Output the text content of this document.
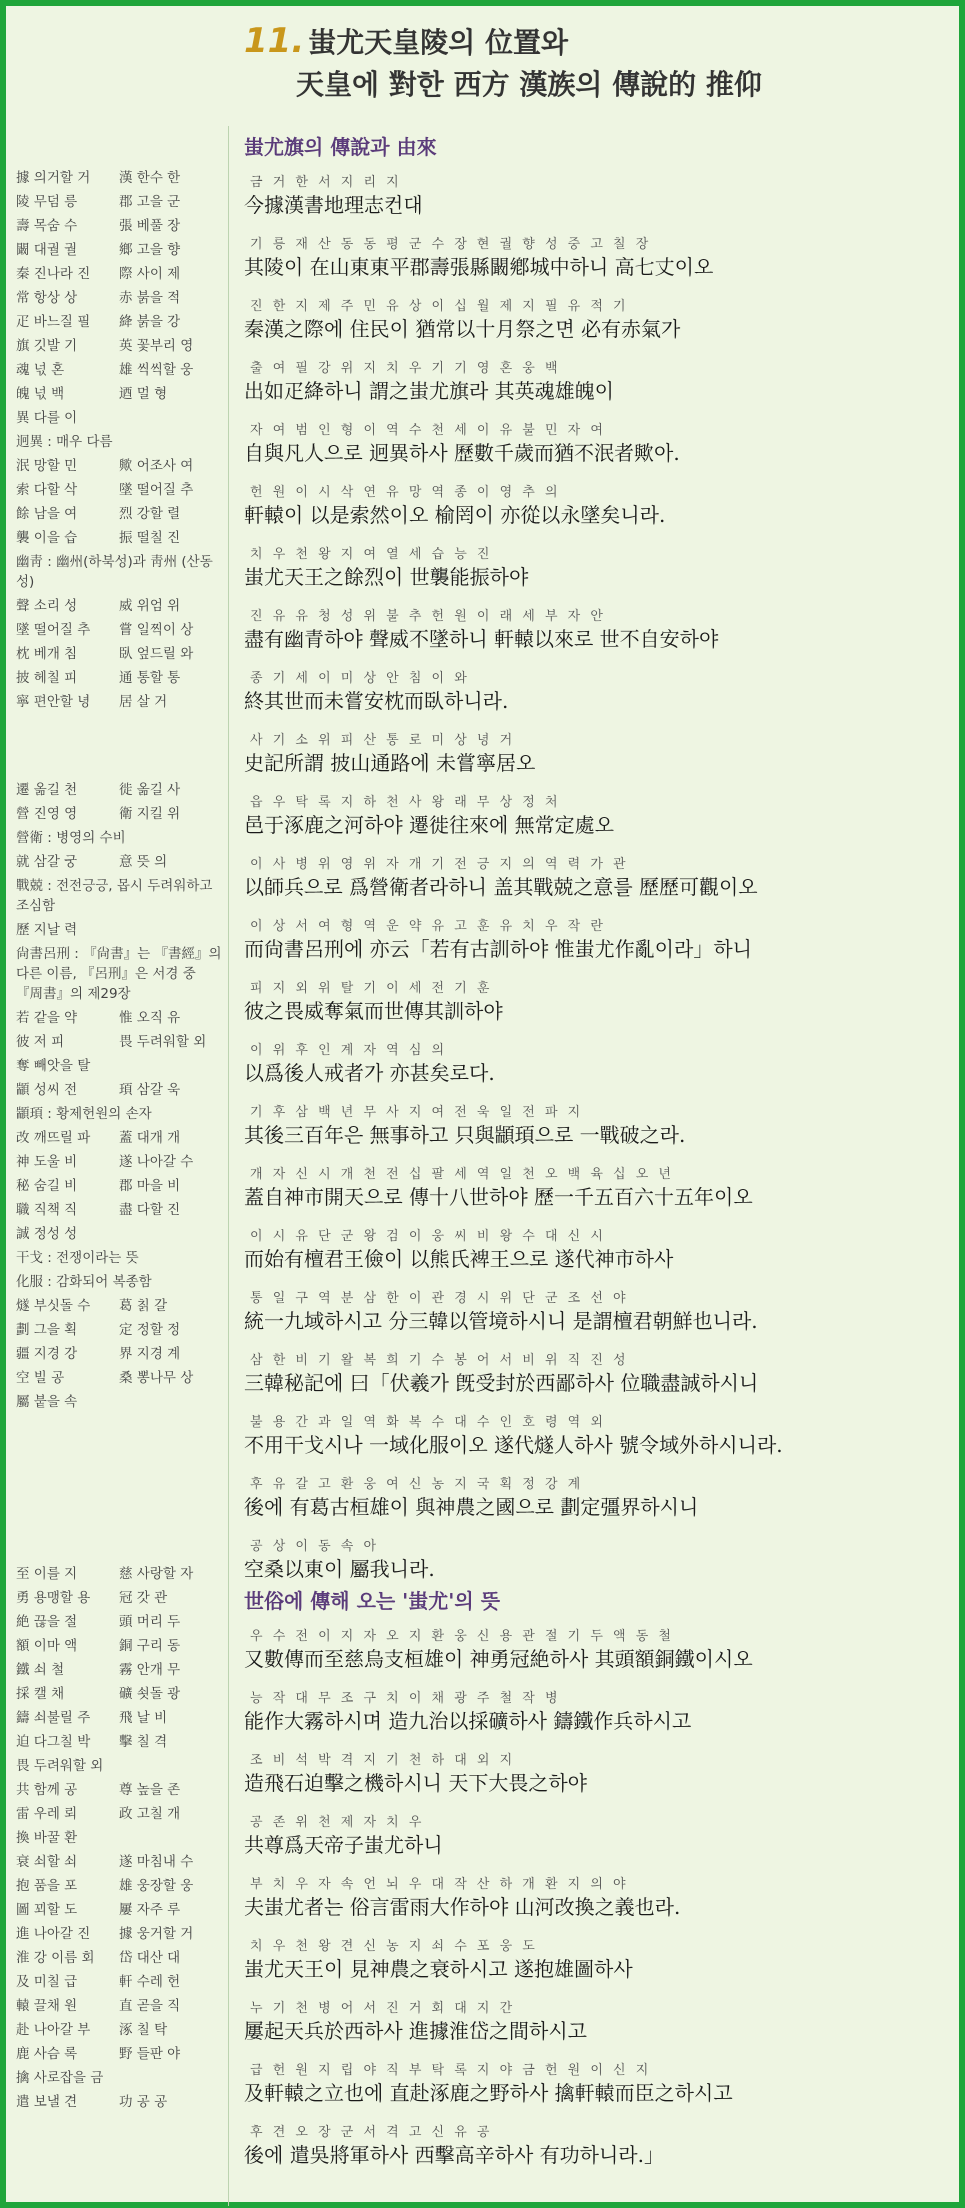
11. 蚩尤天皇陵의 位置와
天皇에 對한 西方 漢族의 傳說的 推仰
據 의거할 거	漢 한수 한
陵 무덤 릉	郡 고을 군
壽 목숨 수	張 베풀 장
闞 대궐 궐	鄉 고을 향
秦 진나라 진	際 사이 제
常 항상 상	赤 붉을 적
疋 바느질 필	絳 붉을 강
旗 깃발 기	英 꽃부리 영
魂 넋 혼	雄 씩씩할 웅
魄 넋 백	迺 멀 형
異 다를 이
迥異 : 매우 다름
泯 망할 민	歟 어조사 여
索 다할 삭	墜 떨어질 추
餘 남을 여	烈 강할 렬
襲 이을 습	振 떨칠 진
幽靑 : 幽州(하북성)과 靑州 (산동성)
聲 소리 성	威 위엄 위
墜 떨어질 추	嘗 일찍이 상
枕 베개 침	臥 엎드릴 와
披 헤칠 피	通 통할 통
寧 편안할 녕	居 살 거
遷 옮길 천	徙 옮길 사
營 진영 영	衛 지킬 위
營衛 : 병영의 수비
就 삼갈 궁	意 뜻 의
戰兢 : 전전긍긍, 몹시 두려워하고 조심함
歷 지날 력
尙書呂刑 : 『尙書』는 『書經』의 다른 이름, 『呂刑』은 서경 중 『周書』의 제29장
若 같을 약	惟 오직 유
彼 저 피	畏 두려워할 외
奪 빼앗을 탈
顓 성씨 전	頊 삼갈 욱
顓頊 : 황제헌원의 손자
改 깨뜨릴 파	蓋 대개 개
神 도울 비	遂 나아갈 수
秘 숨길 비	郡 마을 비
職 직책 직	盡 다할 진
誠 정성 성
干戈 : 전쟁이라는 뜻
化服 : 감화되어 복종함
燧 부싯돌 수	葛 칡 갈
劃 그을 획	定 정할 정
疆 지경 강	界 지경 계
空 빌 공	桑 뽕나무 상
屬 붙을 속
至 이를 지	慈 사랑할 자
勇 용맹할 용	冠 갓 관
絶 끊을 절	頭 머리 두
額 이마 액	銅 구리 동
鐵 쇠 철	霧 안개 무
採 캘 채	礦 쇳돌 광
鑄 쇠불릴 주	飛 날 비
迫 다그칠 박	擊 칠 격
畏 두려워할 외
共 함께 공	尊 높을 존
雷 우레 뢰	政 고칠 개
換 바꿀 환
衰 쇠할 쇠	遂 마침내 수
抱 품을 포	雄 웅장할 웅
圖 꾀할 도	屢 자주 루
進 나아갈 진	據 웅거할 거
淮 강 이름 회	岱 대산 대
及 미칠 급	軒 수레 헌
轅 끌채 원	直 곧을 직
赴 나아갈 부	涿 칠 탁
鹿 사슴 록	野 들판 야
擒 사로잡을 금
遣 보낼 견	功 공 공
蚩尤旗의 傳說과 由來
금 거 한 서 지 리 지
今據漢書地理志컨대
기 릉 재 산 동 동 평 군 수 장 현 궐 향 성 중 고 칠 장
其陵이 在山東東平郡壽張縣闞鄕城中하니 高七丈이오
진 한 지 제 주 민 유 상 이 십 월 제 지 필 유 적 기
秦漢之際에 住民이 猶常以十月祭之면 必有赤氣가
출 여 필 강 위 지 치 우 기 기 영 혼 웅 백
出如疋絳하니 謂之蚩尤旗라 其英魂雄魄이
자 여 범 인 형 이 역 수 천 세 이 유 불 민 자 여
自與凡人으로 迥異하사 歷數千歲而猶不泯者歟아.
헌 원 이 시 삭 연 유 망 역 종 이 영 추 의
軒轅이 以是索然이오 榆罔이 亦從以永墜矣니라.
치 우 천 왕 지 여 열 세 습 능 진
蚩尤天王之餘烈이 世襲能振하야
진 유 유 청 성 위 불 추 헌 원 이 래 세 부 자 안
盡有幽青하야 聲威不墜하니 軒轅以來로 世不自安하야
종 기 세 이 미 상 안 침 이 와
終其世而未嘗安枕而臥하니라.
사 기 소 위 피 산 통 로 미 상 녕 거
史記所謂 披山通路에 未嘗寧居오
읍 우 탁 록 지 하 천 사 왕 래 무 상 정 처
邑于涿鹿之河하야 遷徙往來에 無常定處오
이 사 병 위 영 위 자 개 기 전 긍 지 의 역 력 가 관
以師兵으로 爲營衛者라하니 盖其戰兢之意를 歷歷可觀이오
이 상 서 여 형 역 운 약 유 고 훈 유 치 우 작 란
而尙書呂刑에 亦云「若有古訓하야 惟蚩尤作亂이라」하니
피 지 외 위 탈 기 이 세 전 기 훈
彼之畏威奪氣而世傳其訓하야
이 위 후 인 계 자 역 심 의
以爲後人戒者가 亦甚矣로다.
기 후 삼 백 년 무 사 지 여 전 욱 일 전 파 지
其後三百年은 無事하고 只與顓頊으로 一戰破之라.
개 자 신 시 개 천 전 십 팔 세 역 일 천 오 백 육 십 오 년
蓋自神市開天으로 傳十八世하야 歷一千五百六十五年이오
이 시 유 단 군 왕 검 이 웅 씨 비 왕 수 대 신 시
而始有檀君王儉이 以熊氏裨王으로 遂代神市하사
통 일 구 역 분 삼 한 이 관 경 시 위 단 군 조 선 야
統一九域하시고 分三韓以管境하시니 是謂檀君朝鮮也니라.
삼 한 비 기 왈 복 희 기 수 봉 어 서 비 위 직 진 성
三韓秘記에 曰「伏羲가 旣受封於西鄙하사 位職盡誠하시니
불 용 간 과 일 역 화 복 수 대 수 인 호 령 역 외
不用干戈시나 一域化服이오 遂代燧人하사 號令域外하시니라.
후 유 갈 고 환 웅 여 신 농 지 국 획 정 강 계
後에 有葛古桓雄이 與神農之國으로 劃定彊界하시니
공 상 이 동 속 아
空桑以東이 屬我니라.
世俗에 傳해 오는 '蚩尤'의 뜻
우 수 전 이 지 자 오 지 환 웅 신 용 관 절 기 두 액 동 철
又數傳而至慈烏支桓雄이 神勇冠絶하사 其頭額銅鐵이시오
능 작 대 무 조 구 치 이 채 광 주 철 작 병
能作大霧하시며 造九治以採礦하사 鑄鐵作兵하시고
조 비 석 박 격 지 기 천 하 대 외 지
造飛石迫擊之機하시니 天下大畏之하야
공 존 위 천 제 자 치 우
共尊爲天帝子蚩尤하니
부 치 우 자 속 언 뇌 우 대 작 산 하 개 환 지 의 야
夫蚩尤者는 俗言雷雨大作하야 山河改換之義也라.
치 우 천 왕 견 신 농 지 쇠 수 포 웅 도
蚩尤天王이 見神農之衰하시고 遂抱雄圖하사
누 기 천 병 어 서 진 거 회 대 지 간
屢起天兵於西하사 進據淮岱之間하시고
급 헌 원 지 립 야 직 부 탁 록 지 야 금 헌 원 이 신 지
及軒轅之立也에 直赴涿鹿之野하사 擒軒轅而臣之하시고
후 견 오 장 군 서 격 고 신 유 공
後에 遣吳將軍하사 西擊高辛하사 有功하니라.」
